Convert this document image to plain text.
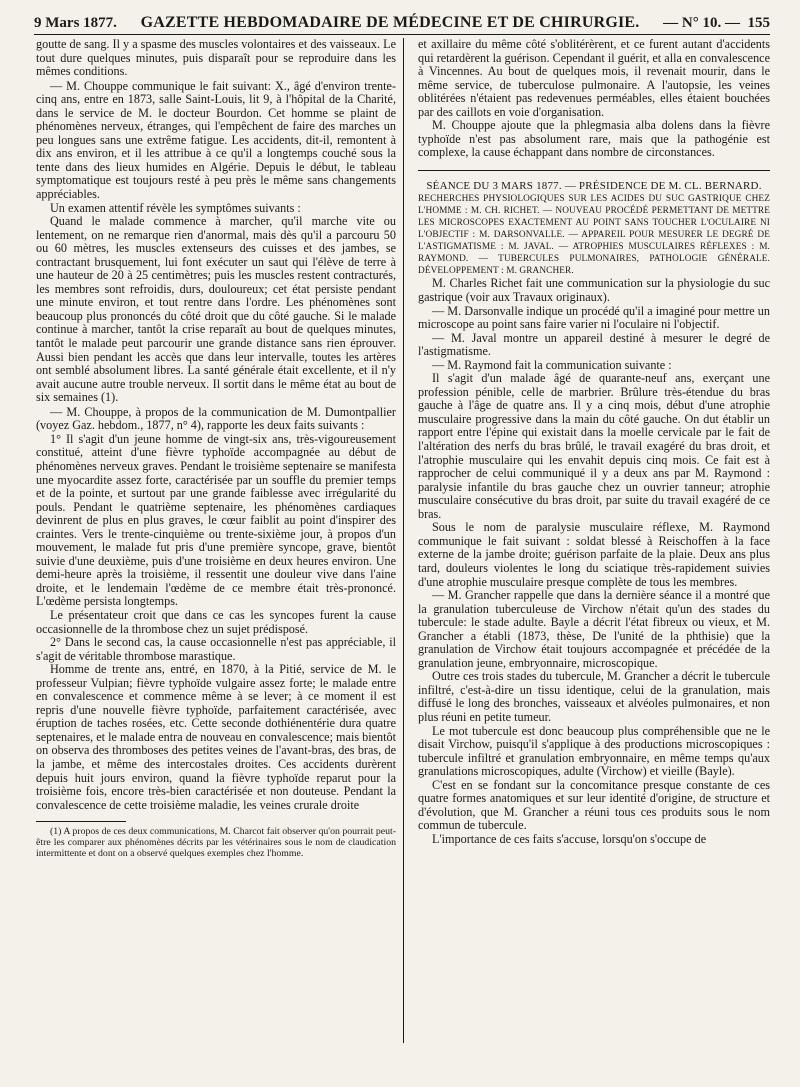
9 Mars 1877. GAZETTE HEBDOMADAIRE DE MÉDECINE ET DE CHIRURGIE. — N° 10. — 155

goutte de sang. Il y a spasme des muscles volontaires et des vaisseaux. Le tout dure quelques minutes, puis disparaît pour se reproduire dans les mêmes conditions.

— M. Chouppe communique le fait suivant: X., âgé d'environ trente-cinq ans, entre en 1873, salle Saint-Louis, lit 9, à l'hôpital de la Charité, dans le service de M. le docteur Bourdon. Cet homme se plaint de phénomènes nerveux, étranges, qui l'empêchent de faire des marches un peu longues sans une extrême fatigue. Les accidents, dit-il, remontent à dix ans environ, et il les attribue à ce qu'il a longtemps couché sous la tente dans des lieux humides en Algérie. Depuis le début, le tableau symptomatique est toujours resté à peu près le même sans changements appréciables.

Un examen attentif révèle les symptômes suivants :

Quand le malade commence à marcher, qu'il marche vite ou lentement, on ne remarque rien d'anormal, mais dès qu'il a parcouru 50 ou 60 mètres, les muscles extenseurs des cuisses et des jambes, se contractant brusquement, lui font exécuter un saut qui l'élève de terre à une hauteur de 20 à 25 centimètres; puis les muscles restent contracturés, les membres sont refroidis, durs, douloureux; cet état persiste pendant une minute environ, et tout rentre dans l'ordre. Les phénomènes sont beaucoup plus prononcés du côté droit que du côté gauche. Si le malade continue à marcher, tantôt la crise reparaît au bout de quelques minutes, tantôt le malade peut parcourir une grande distance sans rien éprouver. Aussi bien pendant les accès que dans leur intervalle, toutes les artères ont semblé absolument libres. La santé générale était excellente, et il n'y avait aucune autre trouble nerveux. Il sortit dans le même état au bout de six semaines (1).

— M. Chouppe, à propos de la communication de M. Dumontpallier (voyez Gaz. hebdom., 1877, n° 4), rapporte les deux faits suivants :

1° Il s'agit d'un jeune homme de vingt-six ans, très-vigoureusement constitué, atteint d'une fièvre typhoïde accompagnée au début de phénomènes nerveux graves. Pendant le troisième septenaire se manifesta une myocardite assez forte, caractérisée par un souffle du premier temps et de la pointe, et surtout par une grande faiblesse avec irrégularité du pouls. Pendant le quatrième septenaire, les phénomènes cardiaques devinrent de plus en plus graves, le cœur faiblit au point d'inspirer des craintes. Vers le trente-cinquième ou trente-sixième jour, à propos d'un mouvement, le malade fut pris d'une première syncope, grave, bientôt suivie d'une deuxième, puis d'une troisième en deux heures environ. Une demi-heure après la troisième, il ressentit une douleur vive dans l'aine droite, et le lendemain l'œdème de ce membre était très-prononcé. L'œdème persista longtemps.

Le présentateur croit que dans ce cas les syncopes furent la cause occasionnelle de la thrombose chez un sujet prédisposé.

2° Dans le second cas, la cause occasionnelle n'est pas appréciable, il s'agit de véritable thrombose marastique.

Homme de trente ans, entré, en 1870, à la Pitié, service de M. le professeur Vulpian; fièvre typhoïde vulgaire assez forte; le malade entre en convalescence et commence même à se lever; à ce moment il est repris d'une nouvelle fièvre typhoïde, parfaitement caractérisée, avec éruption de taches rosées, etc. Cette seconde dothiénentérie dura quatre septenaires, et le malade entra de nouveau en convalescence; mais bientôt on observa des thromboses des petites veines de l'avant-bras, des bras, de la jambe, et même des intercostales droites. Ces accidents durèrent depuis huit jours environ, quand la fièvre typhoïde reparut pour la troisième fois, encore très-bien caractérisée et non douteuse. Pendant la convalescence de cette troisième maladie, les veines crurale droite

(1) A propos de ces deux communications, M. Charcot fait observer qu'on pourrait peut-être les comparer aux phénomènes décrits par les vétérinaires sous le nom de claudication intermittente et dont on a observé quelques exemples chez l'homme.

et axillaire du même côté s'oblitérèrent, et ce furent autant d'accidents qui retardèrent la guérison. Cependant il guérit, et alla en convalescence à Vincennes. Au bout de quelques mois, il revenait mourir, dans le même service, de tuberculose pulmonaire. A l'autopsie, les veines oblitérées n'étaient pas redevenues perméables, elles étaient bouchées par des caillots en voie d'organisation.

M. Chouppe ajoute que la phlegmasia alba dolens dans la fièvre typhoïde n'est pas absolument rare, mais que la pathogénie est complexe, la cause échappant dans nombre de circonstances.

SÉANCE DU 3 MARS 1877. — PRÉSIDENCE DE M. CL. BERNARD.

RECHERCHES PHYSIOLOGIQUES SUR LES ACIDES DU SUC GASTRIQUE CHEZ L'HOMME : M. CH. RICHET. — NOUVEAU PROCÉDÉ PERMETTANT DE METTRE LES MICROSCOPES EXACTEMENT AU POINT SANS TOUCHER L'OCULAIRE NI L'OBJECTIF : M. DARSONVALLE. — APPAREIL POUR MESURER LE DEGRÉ DE L'ASTIGMATISME : M. JAVAL. — ATROPHIES MUSCULAIRES RÉFLEXES : M. RAYMOND. — TUBERCULES PULMONAIRES, PATHOLOGIE GÉNÉRALE. DÉVELOPPEMENT : M. GRANCHER.

M. Charles Richet fait une communication sur la physiologie du suc gastrique (voir aux Travaux originaux).

— M. Darsonvalle indique un procédé qu'il a imaginé pour mettre un microscope au point sans faire varier ni l'oculaire ni l'objectif.

— M. Javal montre un appareil destiné à mesurer le degré de l'astigmatisme.

— M. Raymond fait la communication suivante :

Il s'agit d'un malade âgé de quarante-neuf ans, exerçant une profession pénible, celle de marbrier. Brûlure très-étendue du bras gauche à l'âge de quatre ans. Il y a cinq mois, début d'une atrophie musculaire progressive dans la main du côté gauche. On dut établir un rapport entre l'épine qui existait dans la moelle cervicale par le fait de l'altération des nerfs du bras brûlé, le travail exagéré du bras droit, et l'atrophie musculaire qui les envahit depuis cinq mois. Ce fait est à rapprocher de celui communiqué il y a deux ans par M. Raymond : paralysie infantile du bras gauche chez un ouvrier tanneur; atrophie musculaire consécutive du bras droit, par suite du travail exagéré de ce bras.

Sous le nom de paralysie musculaire réflexe, M. Raymond communique le fait suivant : soldat blessé à Reischoffen à la face externe de la jambe droite; guérison parfaite de la plaie. Deux ans plus tard, douleurs violentes le long du sciatique très-rapidement suivies d'une atrophie musculaire presque complète de tous les membres.

— M. Grancher rappelle que dans la dernière séance il a montré que la granulation tuberculeuse de Virchow n'était qu'un des stades du tubercule: le stade adulte. Bayle a décrit l'état fibreux ou vieux, et M. Grancher a établi (1873, thèse, De l'unité de la phthisie) que la granulation de Virchow était toujours accompagnée et précédée de la granulation jeune, embryonnaire, microscopique.

Outre ces trois stades du tubercule, M. Grancher a décrit le tubercule infiltré, c'est-à-dire un tissu identique, celui de la granulation, mais diffusé le long des bronches, vaisseaux et alvéoles pulmonaires, et non plus réuni en petite tumeur.

Le mot tubercule est donc beaucoup plus compréhensible que ne le disait Virchow, puisqu'il s'applique à des productions microscopiques : tubercule infiltré et granulation embryonnaire, en même temps qu'aux granulations microscopiques, adulte (Virchow) et vieille (Bayle).

C'est en se fondant sur la concomitance presque constante de ces quatre formes anatomiques et sur leur identité d'origine, de structure et d'évolution, que M. Grancher a réuni tous ces produits sous le nom commun de tubercule.

L'importance de ces faits s'accuse, lorsqu'on s'occupe de
